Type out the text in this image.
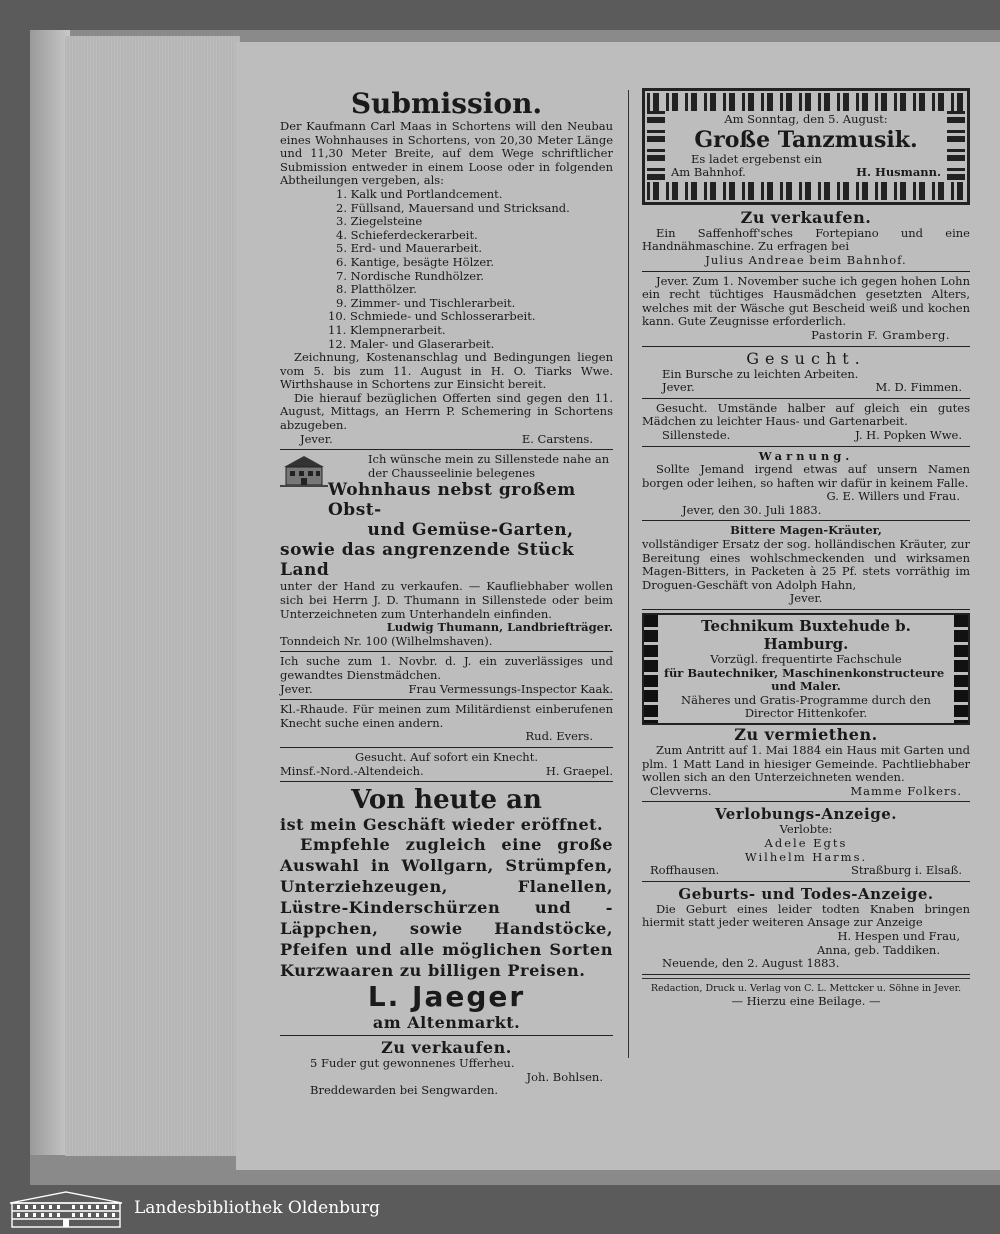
Submission.

Der Kaufmann Carl Maas in Schortens will den Neubau eines Wohnhauses in Schortens, von 20,30 Meter Länge und 11,30 Meter Breite, auf dem Wege schriftlicher Submission entweder in einem Loose oder in folgenden Abtheilungen vergeben, als:

1. Kalk und Portlandcement.

2. Füllsand, Mauersand und Stricksand.

3. Ziegelsteine

4. Schieferdeckerarbeit.

5. Erd- und Mauerarbeit.

6. Kantige, besägte Hölzer.

7. Nordische Rundhölzer.

8. Platthölzer.

9. Zimmer- und Tischlerarbeit.

10. Schmiede- und Schlosserarbeit.

11. Klempnerarbeit.

12. Maler- und Glaserarbeit.

Zeichnung, Kostenanschlag und Bedingungen liegen vom 5. bis zum 11. August in H. O. Tiarks Wwe. Wirthshause in Schortens zur Einsicht bereit.

Die hierauf bezüglichen Offerten sind gegen den 11. August, Mittags, an Herrn P. Schemering in Schortens abzugeben.

Jever.	E. Carstens.

Ich wünsche mein zu Sillenstede nahe an der Chausseelinie belegenes

Wohnhaus nebst großem Obst-
und Gemüse-Garten,
sowie das angrenzende Stück Land

unter der Hand zu verkaufen. — Kaufliebhaber wollen sich bei Herrn J. D. Thumann in Sillenstede oder beim Unterzeichneten zum Unterhandeln einfinden.

Ludwig Thumann, Landbriefträger.

Tonndeich Nr. 100 (Wilhelmshaven).

Ich suche zum 1. Novbr. d. J. ein zuverlässiges und gewandtes Dienstmädchen.

Jever.	Frau Vermessungs-Inspector Kaak.

Kl.-Rhaude. Für meinen zum Militärdienst einberufenen Knecht suche einen andern.

Rud. Evers.

Gesucht. Auf sofort ein Knecht.

Minsf.-Nord.-Altendeich.	H. Graepel.
Von heute an
ist mein Geschäft wieder eröffnet.
Empfehle zugleich eine große Auswahl in Wollgarn, Strümpfen, Unterziehzeugen, Flanellen, Lüstre-Kinderschürzen und -Läppchen, sowie Handstöcke, Pfeifen und alle möglichen Sorten Kurzwaaren zu billigen Preisen.
L. Jaeger
am Altenmarkt.
Zu verkaufen.

5 Fuder gut gewonnenes Ufferheu.

Joh. Bohlsen.

Breddewarden bei Sengwarden.

Am Sonntag, den 5. August:

Große Tanzmusik.

Es ladet ergebenst ein

Am Bahnhof.	H. Husmann.
Zu verkaufen.

Ein Saffenhoff'sches Fortepiano und eine Handnähmaschine. Zu erfragen bei

Julius Andreae beim Bahnhof.

Jever. Zum 1. November suche ich gegen hohen Lohn ein recht tüchtiges Hausmädchen gesetzten Alters, welches mit der Wäsche gut Bescheid weiß und kochen kann. Gute Zeugnisse erforderlich.

Pastorin F. Gramberg.

Gesucht.

Ein Bursche zu leichten Arbeiten.

Jever.	M. D. Fimmen.

Gesucht. Umstände halber auf gleich ein gutes Mädchen zu leichter Haus- und Gartenarbeit.

Sillenstede.	J. H. Popken Wwe.
Warnung.

Sollte Jemand irgend etwas auf unsern Namen borgen oder leihen, so haften wir dafür in keinem Falle.

G. E. Willers und Frau.

Jever, den 30. Juli 1883.

Bittere Magen-Kräuter,

vollständiger Ersatz der sog. holländischen Kräuter, zur Bereitung eines wohlschmeckenden und wirksamen Magen-Bitters, in Packeten à 25 Pf. stets vorräthig im Droguen-Geschäft von Adolph Hahn,

Jever.

Technikum Buxtehude b. Hamburg.

Vorzügl. frequentirte Fachschule

für Bautechniker, Maschinenkonstructeure

und Maler.

Näheres und Gratis-Programme durch den

Director Hittenkofer.

Zu vermiethen.

Zum Antritt auf 1. Mai 1884 ein Haus mit Garten und plm. 1 Matt Land in hiesiger Gemeinde. Pachtliebhaber wollen sich an den Unterzeichneten wenden.

Clevverns.	Mamme Folkers.
Verlobungs-Anzeige.

Verlobte:

Adele Egts

Wilhelm Harms.

Roffhausen.	Straßburg i. Elsaß.
Geburts- und Todes-Anzeige.

Die Geburt eines leider todten Knaben bringen hiermit statt jeder weiteren Ansage zur Anzeige

H. Hespen und Frau,

Anna, geb. Taddiken.

Neuende, den 2. August 1883.

Redaction, Druck u. Verlag von C. L. Mettcker u. Söhne in Jever.

— Hierzu eine Beilage. —

Landesbibliothek Oldenburg
